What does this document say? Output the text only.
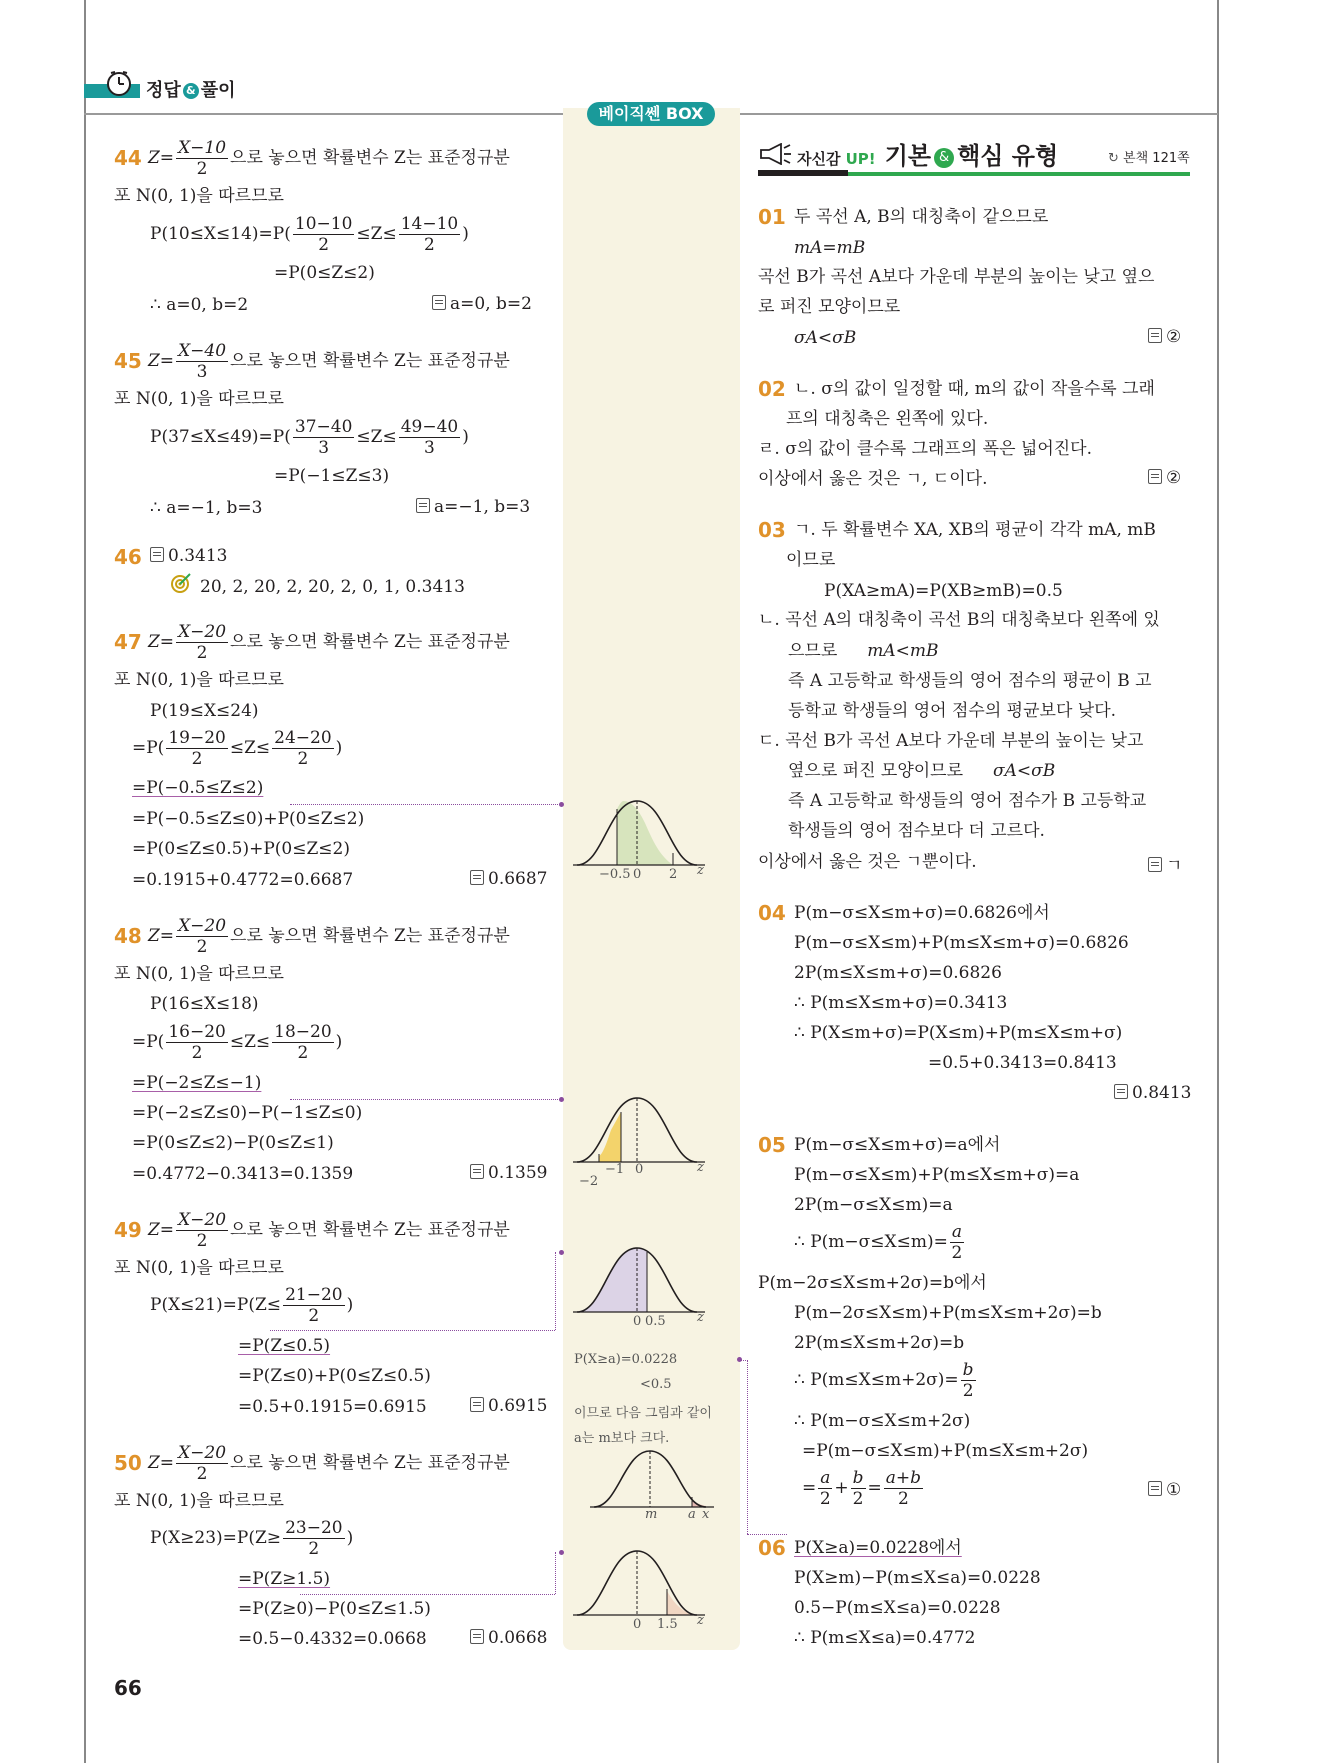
정답 & 풀이
베이직쎈 BOX
자신감 UP! 기본 & 핵심 유형	↻ 본책 121쪽
44 $Z= \frac{X-10}{2}$ 으로 놓으면 확률변수 Z는 표준정규분
포 N(0, 1)을 따르므로
$P(10\le X\le 14)=P( \frac{10-10}{2} \le Z\le \frac{14-10}{2}$ )
=P(0≤Z≤2)
∴ a=0, b=2	a=0, b=2
45 $Z= \frac{X-40}{3}$ 으로 놓으면 확률변수 Z는 표준정규분
포 N(0, 1)을 따르므로
$P(37\le X\le 49)=P( \frac{37-40}{3} \le Z\le \frac{49-40}{3}$ )
=P(−1≤Z≤3)
∴ a=−1, b=3	a=−1, b=3
46	0.3413
20, 2, 20, 2, 20, 2, 0, 1, 0.3413
47 $Z= \frac{X-20}{2}$ 으로 놓으면 확률변수 Z는 표준정규분
포 N(0, 1)을 따르므로
P(19≤X≤24)
$=P( \frac{19-20}{2} \le Z\le \frac{24-20}{2}$ )
=P(−0.5≤Z≤2)
=P(−0.5≤Z≤0)+P(0≤Z≤2)
=P(0≤Z≤0.5)+P(0≤Z≤2)
=0.1915+0.4772=0.6687	0.6687
48 $Z= \frac{X-20}{2}$ 으로 놓으면 확률변수 Z는 표준정규분
포 N(0, 1)을 따르므로
P(16≤X≤18)
$=P( \frac{16-20}{2} \le Z\le \frac{18-20}{2}$ )
=P(−2≤Z≤−1)
=P(−2≤Z≤0)−P(−1≤Z≤0)
=P(0≤Z≤2)−P(0≤Z≤1)
=0.4772−0.3413=0.1359	0.1359
49 $Z= \frac{X-20}{2}$ 으로 놓으면 확률변수 Z는 표준정규분
포 N(0, 1)을 따르므로
$P(X\le 21)=P(Z\le \frac{21-20}{2}$ )
=P(Z≤0.5)
=P(Z≤0)+P(0≤Z≤0.5)
=0.5+0.1915=0.6915	0.6915
50 $Z= \frac{X-20}{2}$ 으로 놓으면 확률변수 Z는 표준정규분
포 N(0, 1)을 따르므로
$P(X\ge 23)=P(Z\ge \frac{23-20}{2}$ )
=P(Z≥1.5)
=P(Z≥0)−P(0≤Z≤1.5)
=0.5−0.4332=0.0668	0.0668
66
−0.5 0 2 z
−2
−1 0	z
0 0.5 z
P(X≥a)=0.0228
<0.5
이므로 다음 그림과 같이
a는 m보다 크다.
m a x
0 1.5 z
01 두 곡선 A, B의 대칭축이 같으므로
mA=mB
곡선 B가 곡선 A보다 가운데 부분의 높이는 낮고 옆으
로 퍼진 모양이므로
σA<σB	②
02 ㄴ. σ의 값이 일정할 때, m의 값이 작을수록 그래
프의 대칭축은 왼쪽에 있다.
ㄹ. σ의 값이 클수록 그래프의 폭은 넓어진다.
이상에서 옳은 것은 ㄱ, ㄷ이다.	②
03 ㄱ. 두 확률변수 XA, XB의 평균이 각각 mA, mB
이므로
P(XA≥mA)=P(XB≥mB)=0.5
ㄴ. 곡선 A의 대칭축이 곡선 B의 대칭축보다 왼쪽에 있
으므로 mA<mB
즉 A 고등학교 학생들의 영어 점수의 평균이 B 고
등학교 학생들의 영어 점수의 평균보다 낮다.
ㄷ. 곡선 B가 곡선 A보다 가운데 부분의 높이는 낮고
옆으로 퍼진 모양이므로 σA<σB
즉 A 고등학교 학생들의 영어 점수가 B 고등학교
학생들의 영어 점수보다 더 고르다.
이상에서 옳은 것은 ㄱ뿐이다.	ㄱ
04 P(m−σ≤X≤m+σ)=0.6826에서
P(m−σ≤X≤m)+P(m≤X≤m+σ)=0.6826
2P(m≤X≤m+σ)=0.6826
∴ P(m≤X≤m+σ)=0.3413
∴ P(X≤m+σ)=P(X≤m)+P(m≤X≤m+σ)
=0.5+0.3413=0.8413
0.8413
05 P(m−σ≤X≤m+σ)=a에서
P(m−σ≤X≤m)+P(m≤X≤m+σ)=a
2P(m−σ≤X≤m)=a
∴ $P(m-\sigma\le X\le m)= \frac{a}{2}$
P(m−2σ≤X≤m+2σ)=b에서
P(m−2σ≤X≤m)+P(m≤X≤m+2σ)=b
2P(m≤X≤m+2σ)=b
∴ $P(m\le X\le m+2\sigma)= \frac{b}{2}$
∴ P(m−σ≤X≤m+2σ)
=P(m−σ≤X≤m)+P(m≤X≤m+2σ)
= $\frac{a}{2} + \frac{b}{2} = \frac{a+b}{2}$	①
06 P(X≥a)=0.0228에서
P(X≥m)−P(m≤X≤a)=0.0228
0.5−P(m≤X≤a)=0.0228
∴ P(m≤X≤a)=0.4772
